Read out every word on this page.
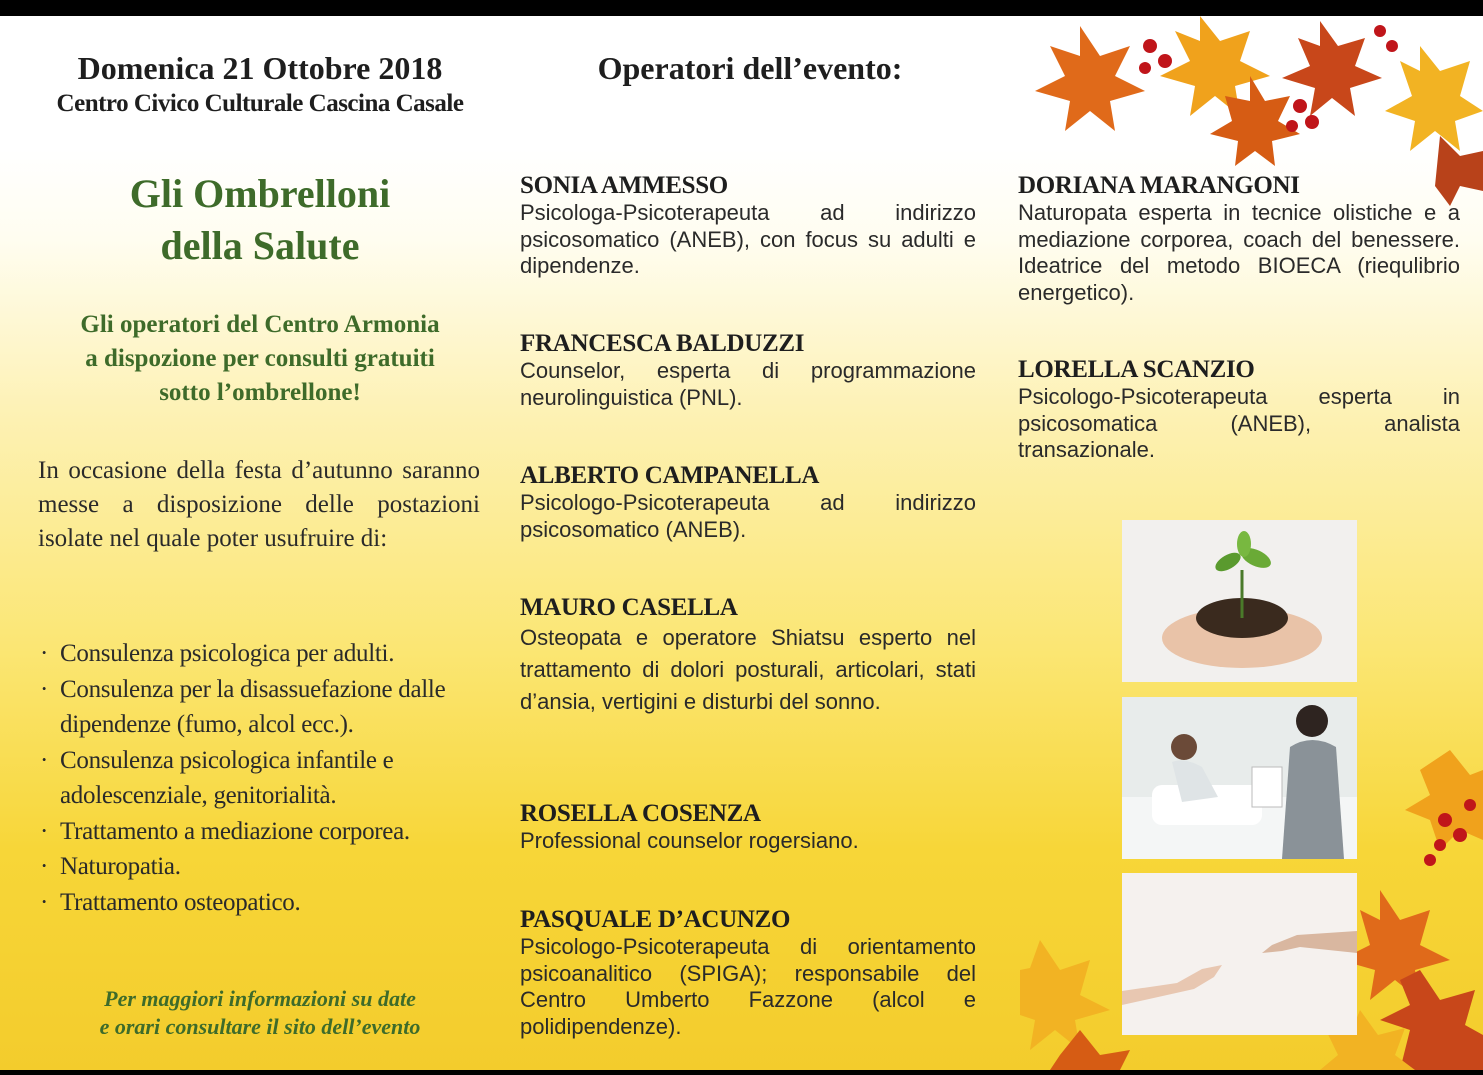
Domenica 21 Ottobre 2018
Centro Civico Culturale Cascina Casale
Operatori dell’evento:
Gli Ombrelloni
della Salute
Gli operatori del Centro Armonia
a dispozione per consulti gratuiti
sotto l’ombrellone!

In occasione della festa d’autunno saranno messe a disposizione delle postazioni isolate nel quale poter usufruire di:

· Consulenza psicologica per adulti.
· Consulenza per la disassuefazione dalle dipendenze (fumo, alcol ecc.).
· Consulenza psicologica infantile e adolescenziale, genitorialità.
· Trattamento a mediazione corporea.
· Naturopatia.
· Trattamento osteopatico.
Per maggiori informazioni su date
e orari consultare il sito dell’evento
SONIA AMMESSO

Psicologa-Psicoterapeuta ad indirizzo psicosomatico (ANEB), con focus su adulti e dipendenze.

FRANCESCA BALDUZZI

Counselor, esperta di programmazione neurolinguistica (PNL).

ALBERTO CAMPANELLA

Psicologo-Psicoterapeuta ad indirizzo psicosomatico (ANEB).

MAURO CASELLA

Osteopata e operatore Shiatsu esperto nel trattamento di dolori posturali, articolari, stati d’ansia, vertigini e disturbi del sonno.

ROSELLA COSENZA

Professional counselor rogersiano.

PASQUALE D’ACUNZO

Psicologo-Psicoterapeuta di orientamento psicoanalitico (SPIGA); responsabile del Centro Umberto Fazzone (alcol e polidipendenze).

DORIANA MARANGONI

Naturopata esperta in tecnice olistiche e a mediazione corporea, coach del benessere. Ideatrice del metodo BIOECA (riequlibrio energetico).

LORELLA SCANZIO

Psicologo-Psicoterapeuta esperta in psicosomatica (ANEB), analista transazionale.
